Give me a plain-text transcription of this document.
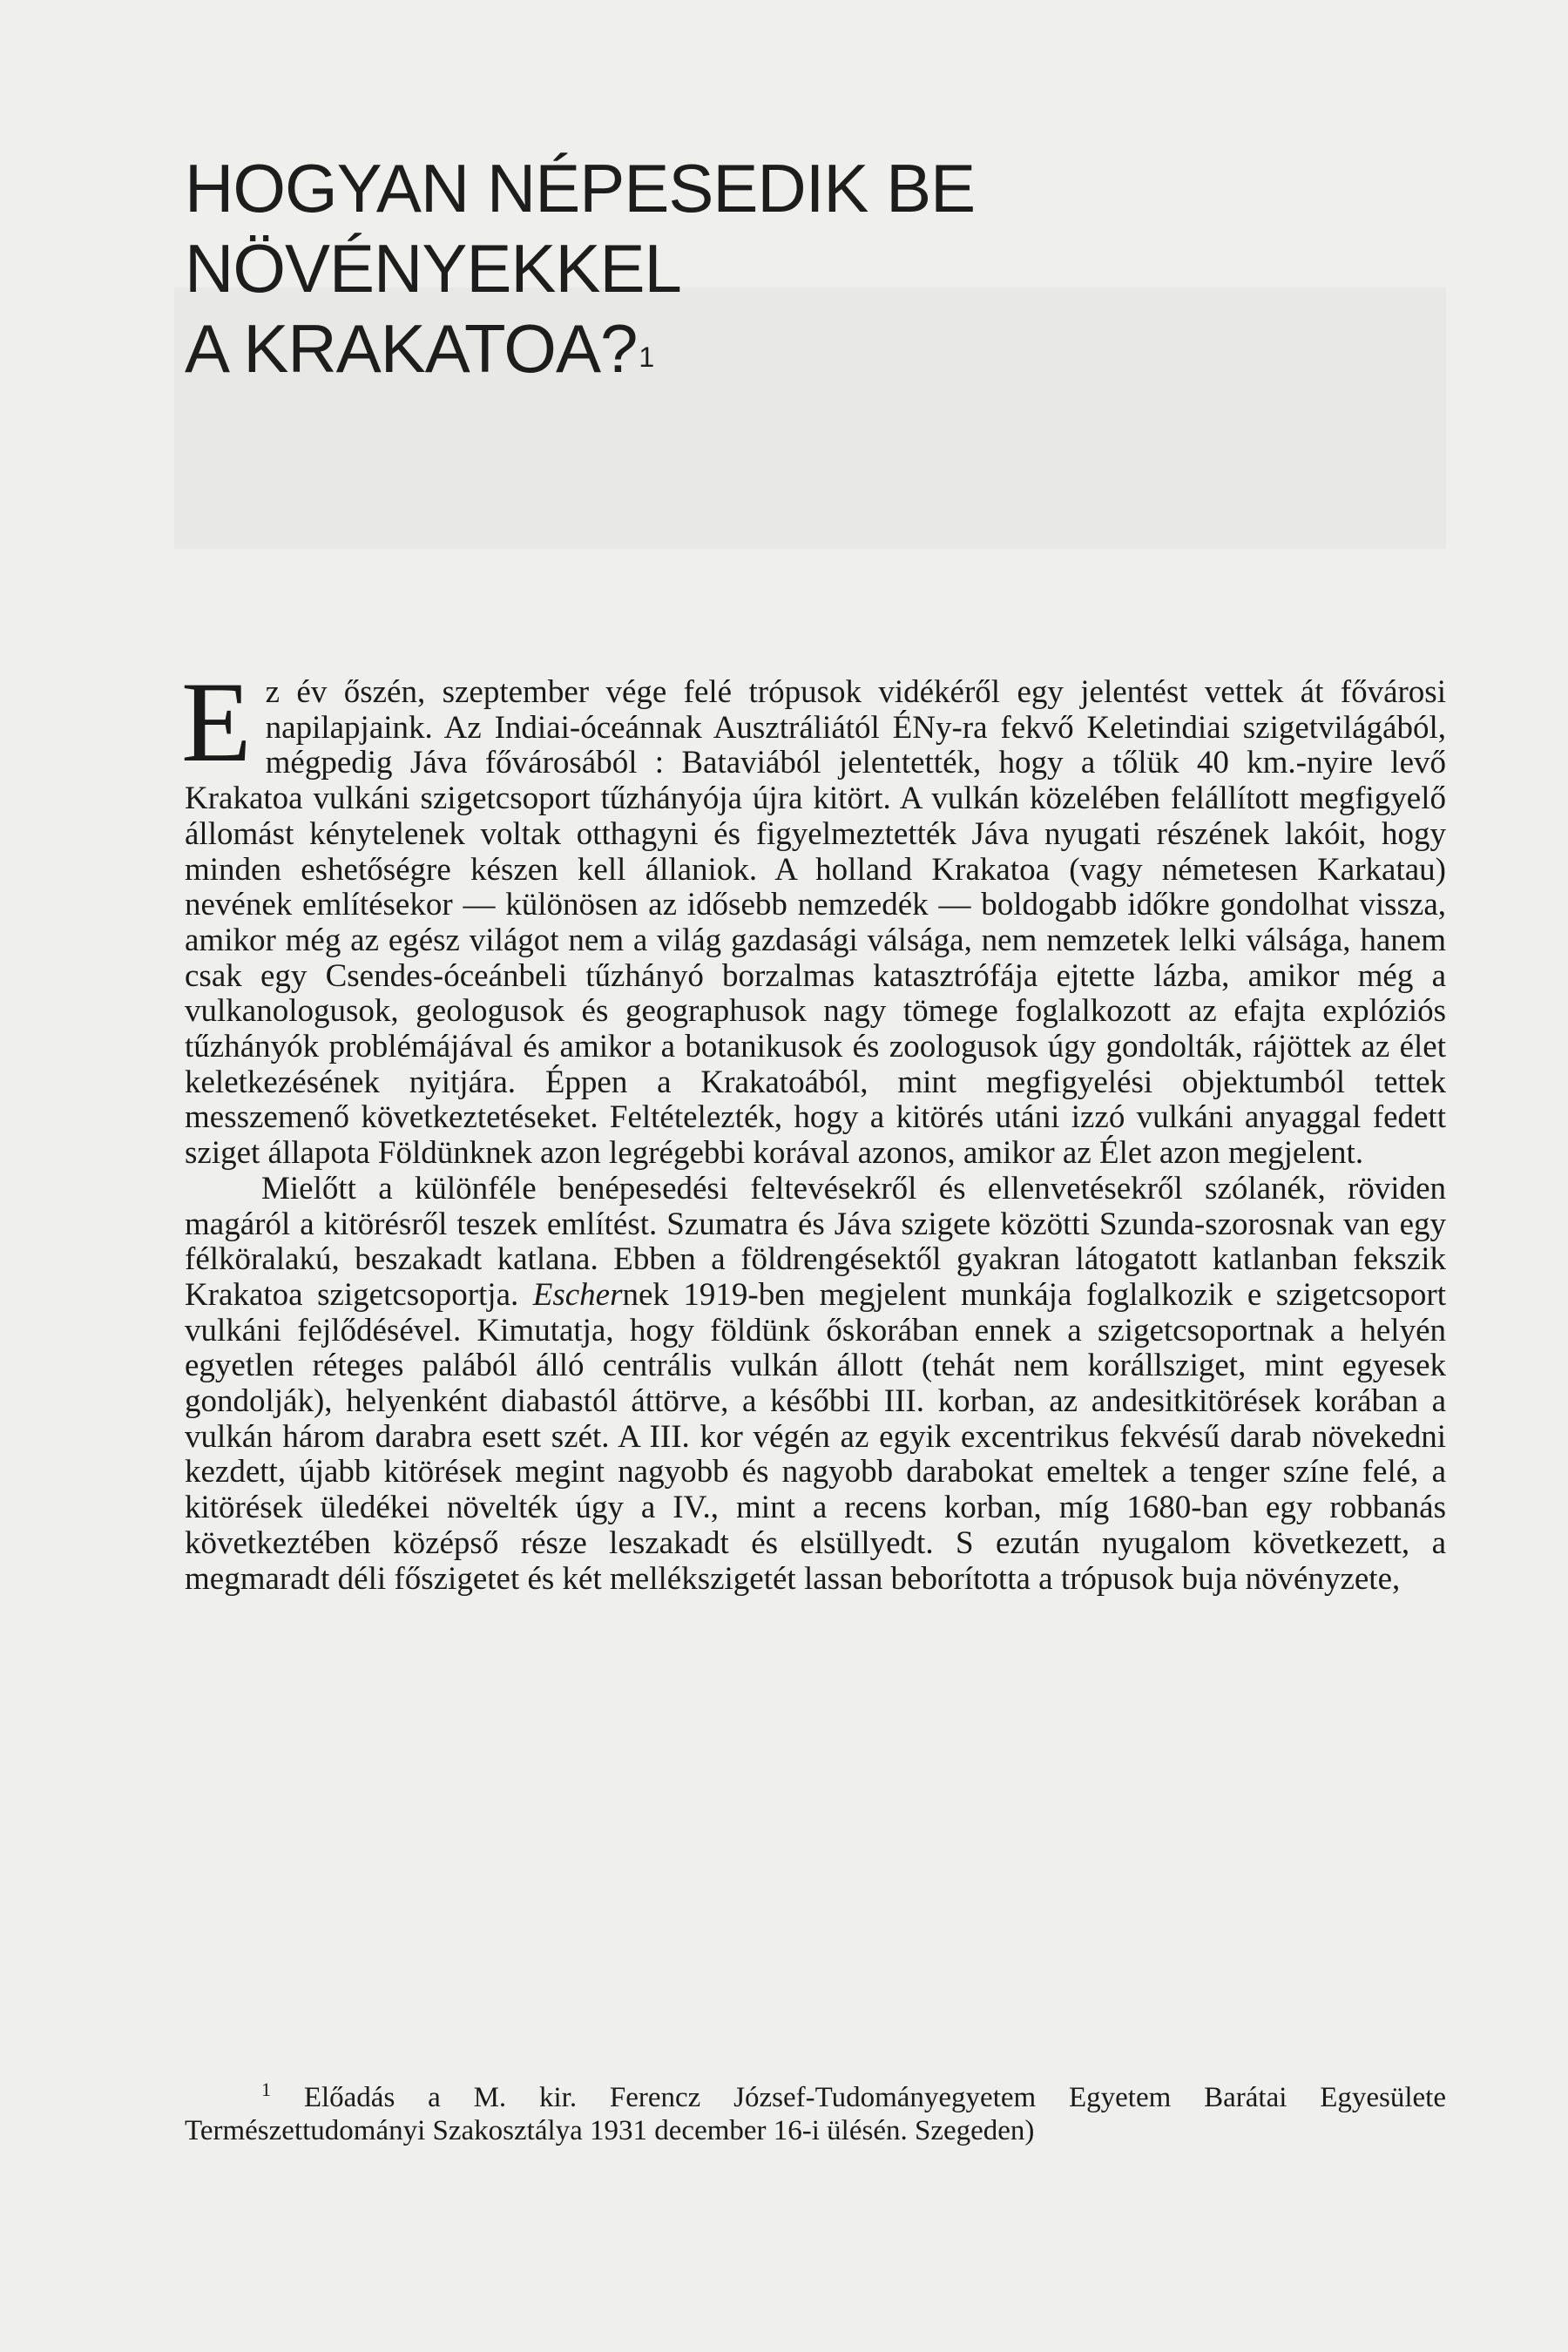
HOGYAN NÉPESEDIK BE NÖVÉNYEKKEL
A KRAKATOA?$^1$

Ez év őszén, szeptember vége felé trópusok vidékéről egy jelentést vettek át fővárosi napilapjaink. Az Indiai-óceánnak Ausztráliától ÉNy-ra fekvő Keletindiai szigetvilágából, mégpedig Jáva fővárosából : Bataviából jelentették, hogy a tőlük 40 km.-nyire levő Krakatoa vulkáni szigetcsoport tűzhányója újra kitört. A vulkán közelében felállított megfigyelő állomást kénytelenek voltak otthagyni és figyelmeztették Jáva nyugati részének lakóit, hogy minden eshetőségre készen kell állaniok. A holland Krakatoa (vagy németesen Karkatau) nevének említésekor — különösen az idősebb nemzedék — boldogabb időkre gondolhat vissza, amikor még az egész világot nem a világ gazdasági válsága, nem nemzetek lelki válsága, hanem csak egy Csendes-óceánbeli tűzhányó borzalmas katasztrófája ejtette lázba, amikor még a vulkanologusok, geologusok és geographusok nagy tömege foglalkozott az efajta explóziós tűzhányók problémájával és amikor a botanikusok és zoologusok úgy gondolták, rájöttek az élet keletkezésének nyitjára. Éppen a Krakatoából, mint megfigyelési objektumból tettek messzemenő következtetéseket. Feltételezték, hogy a kitörés utáni izzó vulkáni anyaggal fedett sziget állapota Földünknek azon legrégebbi korával azonos, amikor az Élet azon megjelent.

Mielőtt a különféle benépesedési feltevésekről és ellenvetésekről szólanék, röviden magáról a kitörésről teszek említést. Szumatra és Jáva szigete közötti Szunda-szorosnak van egy félköralakú, beszakadt katlana. Ebben a földrengésektől gyakran látogatott katlanban fekszik Krakatoa szigetcsoportja. Eschernek 1919-ben megjelent munkája foglalkozik e szigetcsoport vulkáni fejlődésével. Kimutatja, hogy földünk őskorában ennek a szigetcsoportnak a helyén egyetlen réteges palából álló centrális vulkán állott (tehát nem korállsziget, mint egyesek gondolják), helyenként diabastól áttörve, a későbbi III. korban, az andesitkitörések korában a vulkán három darabra esett szét. A III. kor végén az egyik excentrikus fekvésű darab növekedni kezdett, újabb kitörések megint nagyobb és nagyobb darabokat emeltek a tenger színe felé, a kitörések üledékei növelték úgy a IV., mint a recens korban, míg 1680-ban egy robbanás következtében középső része leszakadt és elsüllyedt. S ezután nyugalom következett, a megmaradt déli főszigetet és két mellékszigetét lassan beborította a trópusok buja növényzete,

$^1$ Előadás a M. kir. Ferencz József-Tudományegyetem Egyetem Barátai Egyesülete Természettudományi Szakosztálya 1931 december 16-i ülésén. Szegeden)
